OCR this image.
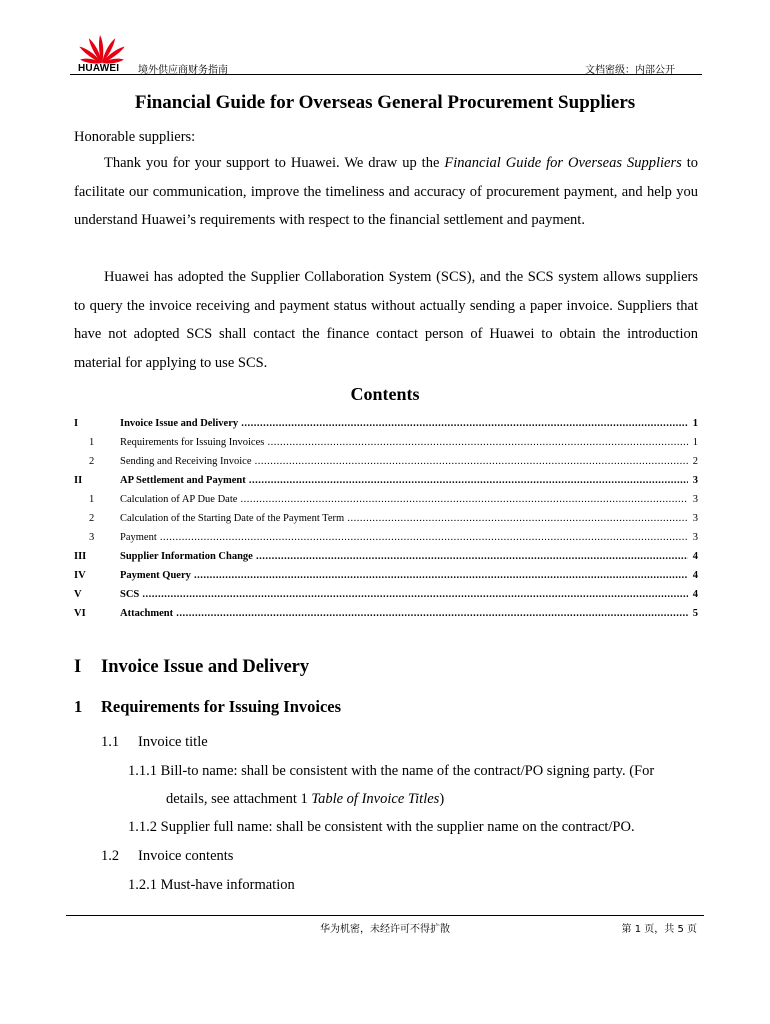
HUAWEI 境外供应商财务指南	文档密级：内部公开
Financial Guide for Overseas General Procurement Suppliers
Honorable suppliers:
Thank you for your support to Huawei. We draw up the Financial Guide for Overseas Suppliers to facilitate our communication, improve the timeliness and accuracy of procurement payment, and help you understand Huawei’s requirements with respect to the financial settlement and payment.
Huawei has adopted the Supplier Collaboration System (SCS), and the SCS system allows suppliers to query the invoice receiving and payment status without actually sending a paper invoice. Suppliers that have not adopted SCS shall contact the finance contact person of Huawei to obtain the introduction material for applying to use SCS.
Contents
I	Invoice Issue and Delivery .....	1
1	Requirements for Issuing Invoices .....	1
2	Sending and Receiving Invoice .....	2
II	AP Settlement and Payment .....	3
1	Calculation of AP Due Date .....	3
2	Calculation of the Starting Date of the Payment Term .....	3
3	Payment .....	3
III	Supplier Information Change .....	4
IV	Payment Query .....	4
V	SCS .....	4
VI	Attachment .....	5
I Invoice Issue and Delivery
1 Requirements for Issuing Invoices
1.1 Invoice title
1.1.1 Bill-to name: shall be consistent with the name of the contract/PO signing party. (For
details, see attachment 1 Table of Invoice Titles)
1.1.2 Supplier full name: shall be consistent with the supplier name on the contract/PO.
1.2 Invoice contents
1.2.1 Must-have information
华为机密，未经许可不得扩散	第 1 页，共 5 页
